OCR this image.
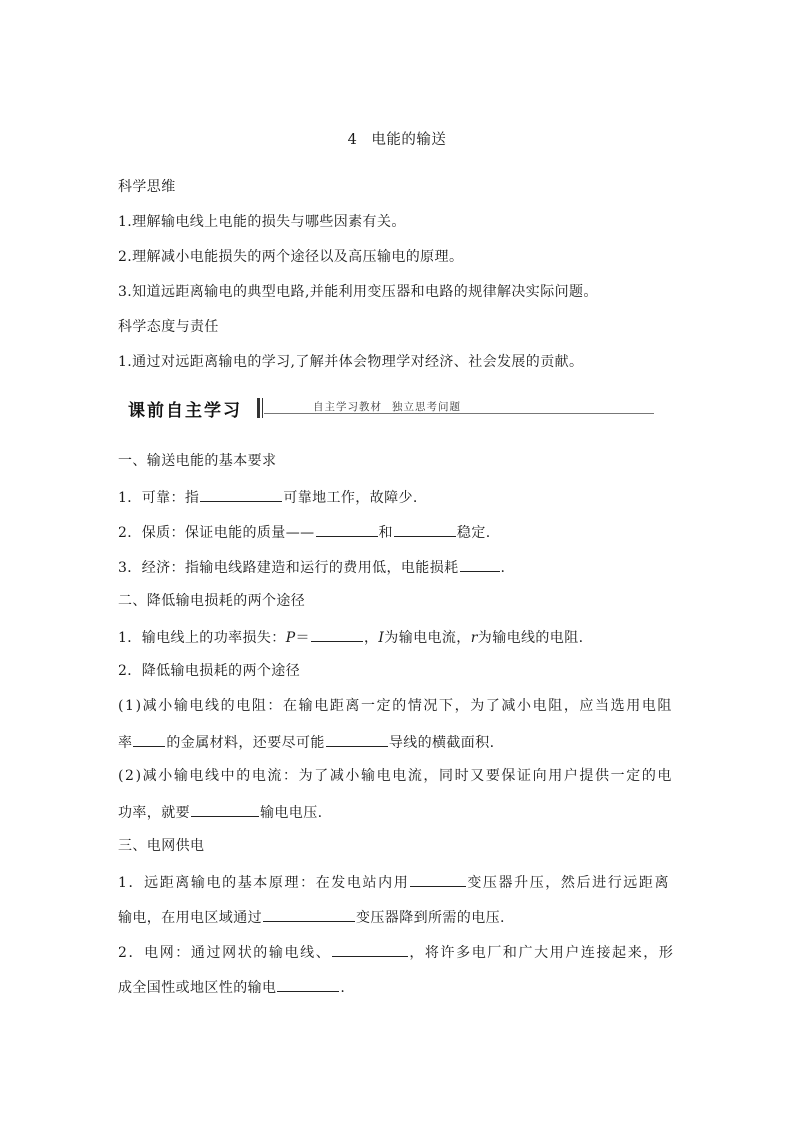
4 电能的输送
科学思维
1.理解输电线上电能的损失与哪些因素有关。
2.理解减小电能损失的两个途径以及高压输电的原理。
3.知道远距离输电的典型电路,并能利用变压器和电路的规律解决实际问题。
科学态度与责任
1.通过对远距离输电的学习,了解并体会物理学对经济、社会发展的贡献。
课前自主学习	自主学习教材 独立思考问题
一、输送电能的基本要求
1．可靠：指	可靠地工作，故障少.
2．保质：保证电能的质量——	和	稳定.
3．经济：指输电线路建造和运行的费用低，电能损耗	.
二、降低输电损耗的两个途径
1．输电线上的功率损失：P＝	，I为输电电流，r为输电线的电阻.
2．降低输电损耗的两个途径
(1)减小输电线的电阻：在输电距离一定的情况下，为了减小电阻，应当选用电阻
率 的金属材料，还要尽可能	导线的横截面积.
(2)减小输电线中的电流：为了减小输电电流，同时又要保证向用户提供一定的电
功率，就要	输电电压.
三、电网供电
1．远距离输电的基本原理：在发电站内用	变压器升压，然后进行远距离
输电，在用电区域通过	变压器降到所需的电压.
2．电网：通过网状的输电线、	，将许多电厂和广大用户连接起来，形
成全国性或地区性的输电	.
